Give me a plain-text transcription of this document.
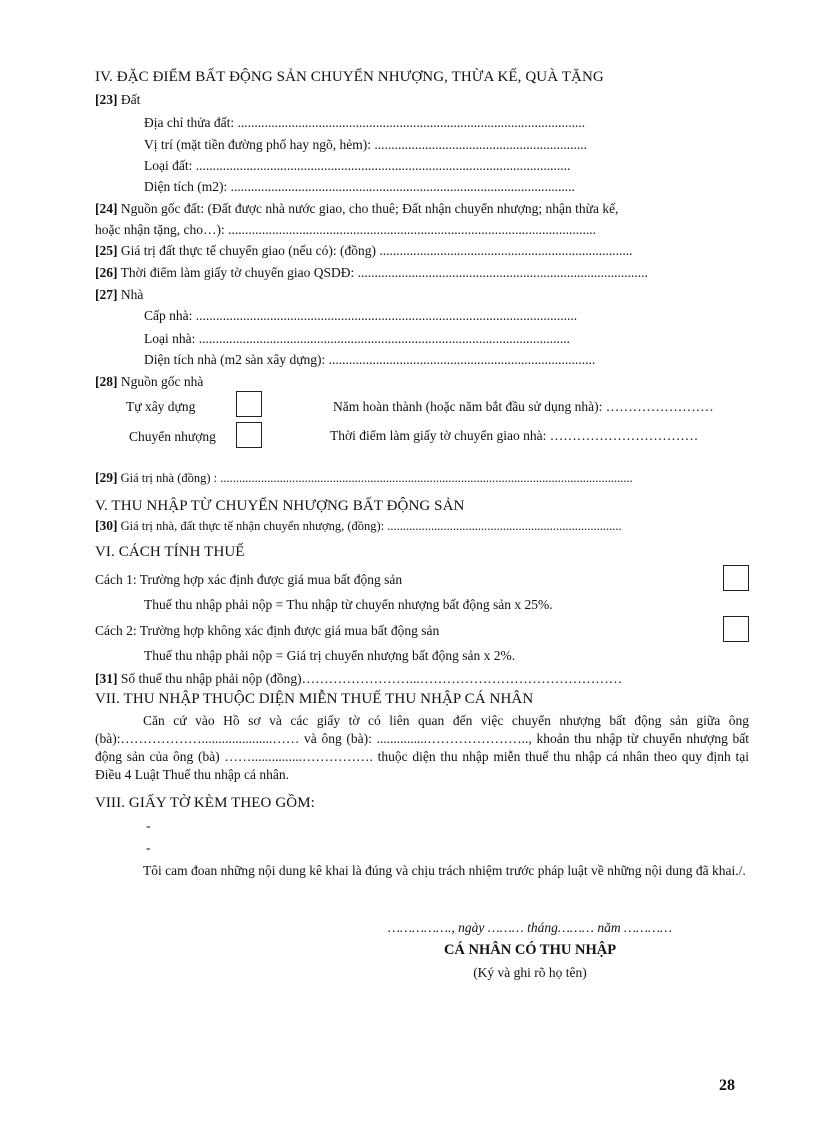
IV. ĐẶC ĐIỂM BẤT ĐỘNG SẢN CHUYỂN NHƯỢNG, THỪA KẾ, QUÀ TẶNG
[23] Đất
Địa chỉ thửa đất: .......................................................................................................
Vị trí (mặt tiền đường phố hay ngõ, hẻm): ...............................................................
Loại đất: ...............................................................................................................
Diện tích (m2): ......................................................................................................
[24] Nguồn gốc đất: (Đất được nhà nước giao, cho thuê; Đất nhận chuyển nhượng; nhận thừa kế,
hoặc nhận tặng, cho…): .............................................................................................................
[25] Giá trị đất thực tế chuyển giao (nếu có): (đồng) ...........................................................................
[26] Thời điểm làm giấy tờ chuyển giao QSDĐ: ......................................................................................
[27] Nhà
Cấp nhà: .................................................................................................................
Loại nhà: ..............................................................................................................
Diện tích nhà (m2 sàn xây dựng): ...............................................................................
[28] Nguồn gốc nhà
Tự xây dựng	Năm hoàn thành (hoặc năm bắt đầu sử dụng nhà): ……………………
Chuyển nhượng	Thời điểm làm giấy tờ chuyển giao nhà: ……………………………
[29] Giá trị nhà (đồng) : ....................................................................................................................................
V. THU NHẬP TỪ CHUYỂN NHƯỢNG BẤT ĐỘNG SẢN
[30] Giá trị nhà, đất thực tế nhận chuyển nhượng, (đồng): ...........................................................................
VI. CÁCH TÍNH THUẾ
Cách 1: Trường hợp xác định được giá mua bất động sản
Thuế thu nhập phải nộp = Thu nhập từ chuyển nhượng bất động sản x 25%.
Cách 2: Trường hợp không xác định được giá mua bất động sản
Thuế thu nhập phải nộp = Giá trị chuyển nhượng bất động sản x 2%.
[31] Số thuế thu nhập phải nộp (đồng)……………………...………………………………………
VII. THU NHẬP THUỘC DIỆN MIỄN THUẾ THU NHẬP CÁ NHÂN
Căn cứ vào Hồ sơ và các giấy tờ có liên quan đến việc chuyển nhượng bất động sản giữa ông (bà):……………….....................…… và ông (bà): ...............………………….., khoản thu nhập từ chuyển nhượng bất động sản của ông (bà) ……...............……………. thuộc diện thu nhập miễn thuế thu nhập cá nhân theo quy định tại Điều 4 Luật Thuế thu nhập cá nhân.
VIII. GIẤY TỜ KÈM THEO GỒM:
-
-
Tôi cam đoan những nội dung kê khai là đúng và chịu trách nhiệm trước pháp luật về những nội dung đã khai./.
……………., ngày ……… tháng……… năm …………
CÁ NHÂN CÓ THU NHẬP
(Ký và ghi rõ họ tên)
28
